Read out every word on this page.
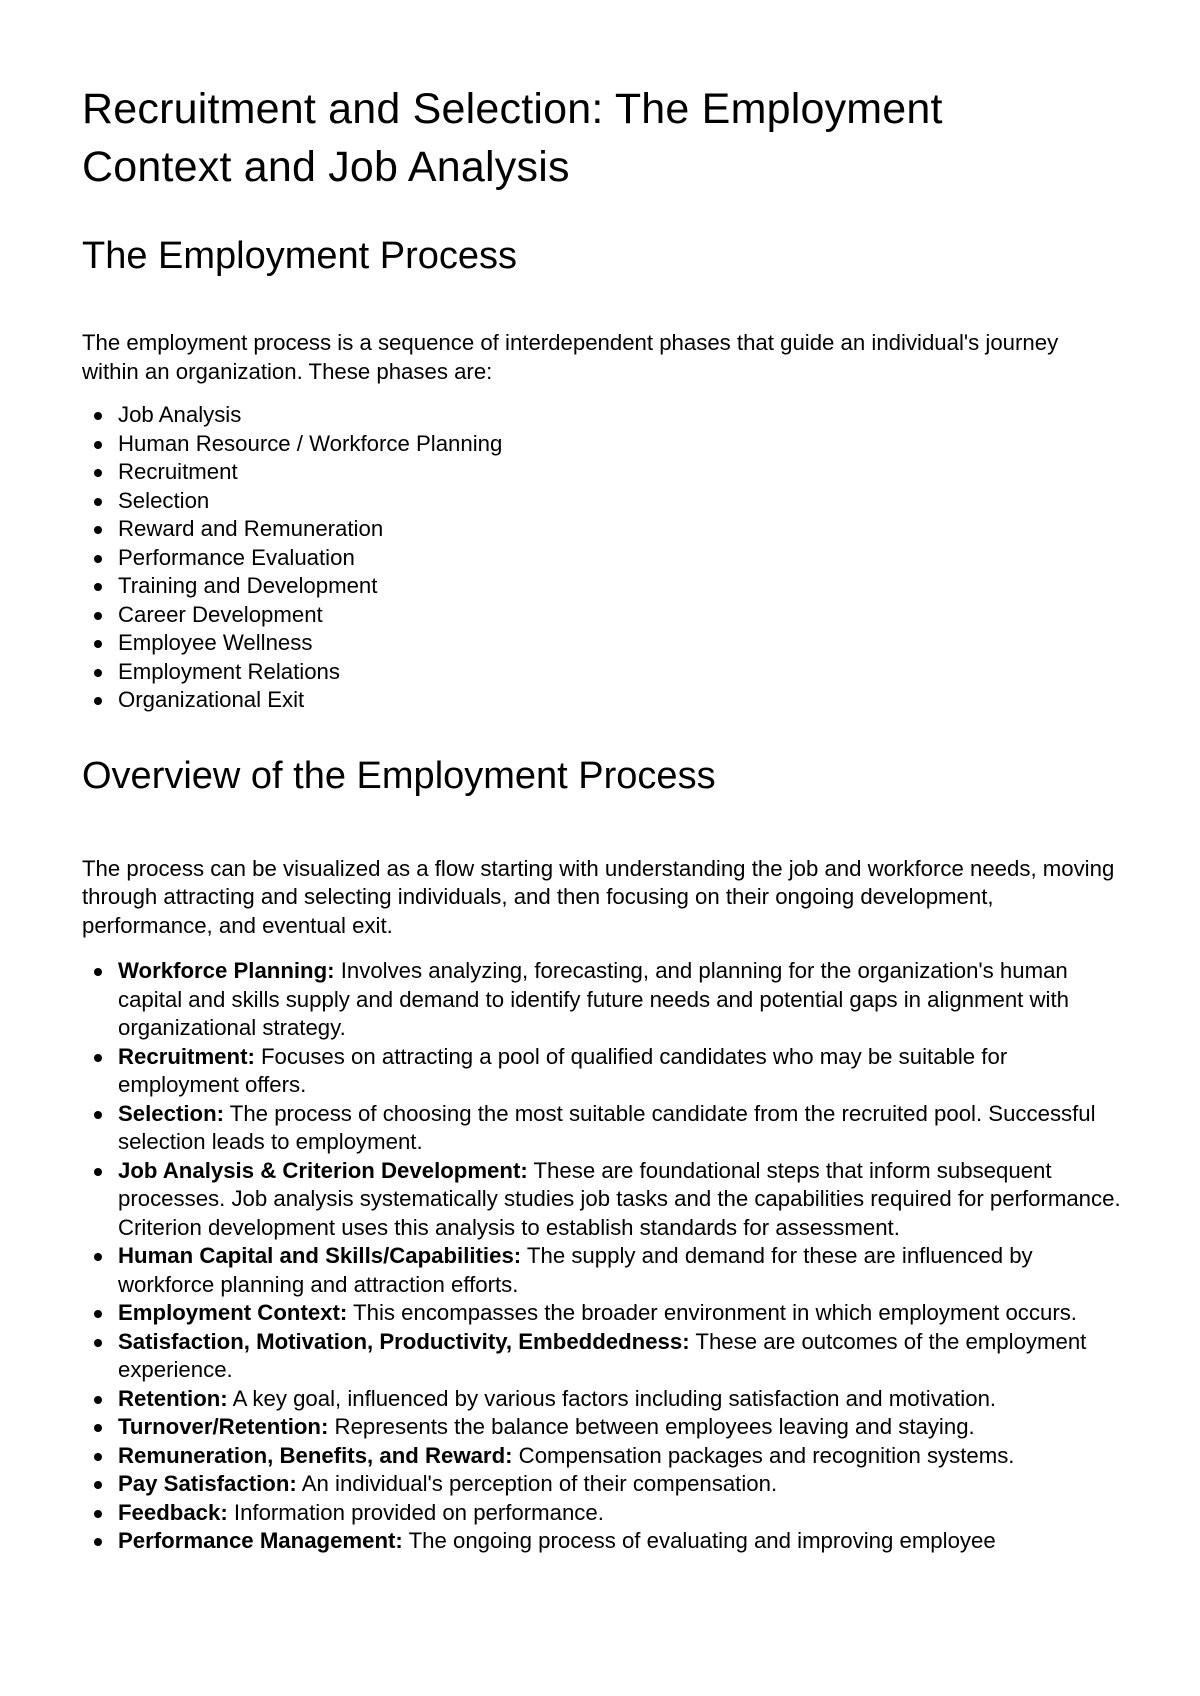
Recruitment and Selection: The Employment Context and Job Analysis
The Employment Process

The employment process is a sequence of interdependent phases that guide an individual's journey within an organization. These phases are:

Job Analysis
Human Resource / Workforce Planning
Recruitment
Selection
Reward and Remuneration
Performance Evaluation
Training and Development
Career Development
Employee Wellness
Employment Relations
Organizational Exit
Overview of the Employment Process

The process can be visualized as a flow starting with understanding the job and workforce needs, moving through attracting and selecting individuals, and then focusing on their ongoing development, performance, and eventual exit.

Workforce Planning: Involves analyzing, forecasting, and planning for the organization's human capital and skills supply and demand to identify future needs and potential gaps in alignment with organizational strategy.
Recruitment: Focuses on attracting a pool of qualified candidates who may be suitable for employment offers.
Selection: The process of choosing the most suitable candidate from the recruited pool. Successful selection leads to employment.
Job Analysis & Criterion Development: These are foundational steps that inform subsequent processes. Job analysis systematically studies job tasks and the capabilities required for performance. Criterion development uses this analysis to establish standards for assessment.
Human Capital and Skills/Capabilities: The supply and demand for these are influenced by workforce planning and attraction efforts.
Employment Context: This encompasses the broader environment in which employment occurs.
Satisfaction, Motivation, Productivity, Embeddedness: These are outcomes of the employment experience.
Retention: A key goal, influenced by various factors including satisfaction and motivation.
Turnover/Retention: Represents the balance between employees leaving and staying.
Remuneration, Benefits, and Reward: Compensation packages and recognition systems.
Pay Satisfaction: An individual's perception of their compensation.
Feedback: Information provided on performance.
Performance Management: The ongoing process of evaluating and improving employee
